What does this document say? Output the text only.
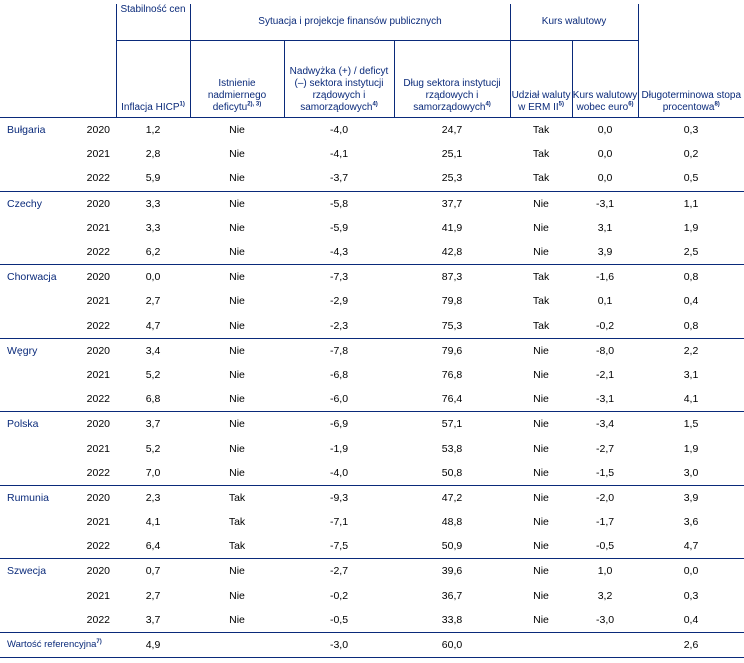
		Stabilność cen	Sytuacja i projekcje finansów publicznych			Kurs walutowy		
		Inflacja HICP$^{1)}$	Istnienie nadmiernego deficytu$^{2), 3)}$	Nadwyżka (+) / deficyt (–) sektora instytucji rządowych i samorządowych$^{4)}$	Dług sektora instytucji rządowych i samorządowych$^{4)}$	Udział waluty w ERM II$^{5)}$	Kurs walutowy wobec euro$^{6)}$	Długoterminowa stopa procentowa$^{8)}$
Bułgaria	2020	1,2	Nie	-4,0	24,7	Tak	0,0	0,3
	2021	2,8	Nie	-4,1	25,1	Tak	0,0	0,2
	2022	5,9	Nie	-3,7	25,3	Tak	0,0	0,5
Czechy	2020	3,3	Nie	-5,8	37,7	Nie	-3,1	1,1
	2021	3,3	Nie	-5,9	41,9	Nie	3,1	1,9
	2022	6,2	Nie	-4,3	42,8	Nie	3,9	2,5
Chorwacja	2020	0,0	Nie	-7,3	87,3	Tak	-1,6	0,8
	2021	2,7	Nie	-2,9	79,8	Tak	0,1	0,4
	2022	4,7	Nie	-2,3	75,3	Tak	-0,2	0,8
Węgry	2020	3,4	Nie	-7,8	79,6	Nie	-8,0	2,2
	2021	5,2	Nie	-6,8	76,8	Nie	-2,1	3,1
	2022	6,8	Nie	-6,0	76,4	Nie	-3,1	4,1
Polska	2020	3,7	Nie	-6,9	57,1	Nie	-3,4	1,5
	2021	5,2	Nie	-1,9	53,8	Nie	-2,7	1,9
	2022	7,0	Nie	-4,0	50,8	Nie	-1,5	3,0
Rumunia	2020	2,3	Tak	-9,3	47,2	Nie	-2,0	3,9
	2021	4,1	Tak	-7,1	48,8	Nie	-1,7	3,6
	2022	6,4	Tak	-7,5	50,9	Nie	-0,5	4,7
Szwecja	2020	0,7	Nie	-2,7	39,6	Nie	1,0	0,0
	2021	2,7	Nie	-0,2	36,7	Nie	3,2	0,3
	2022	3,7	Nie	-0,5	33,8	Nie	-3,0	0,4
Wartość referencyjna$^{7)}$		4,9		-3,0	60,0			2,6
